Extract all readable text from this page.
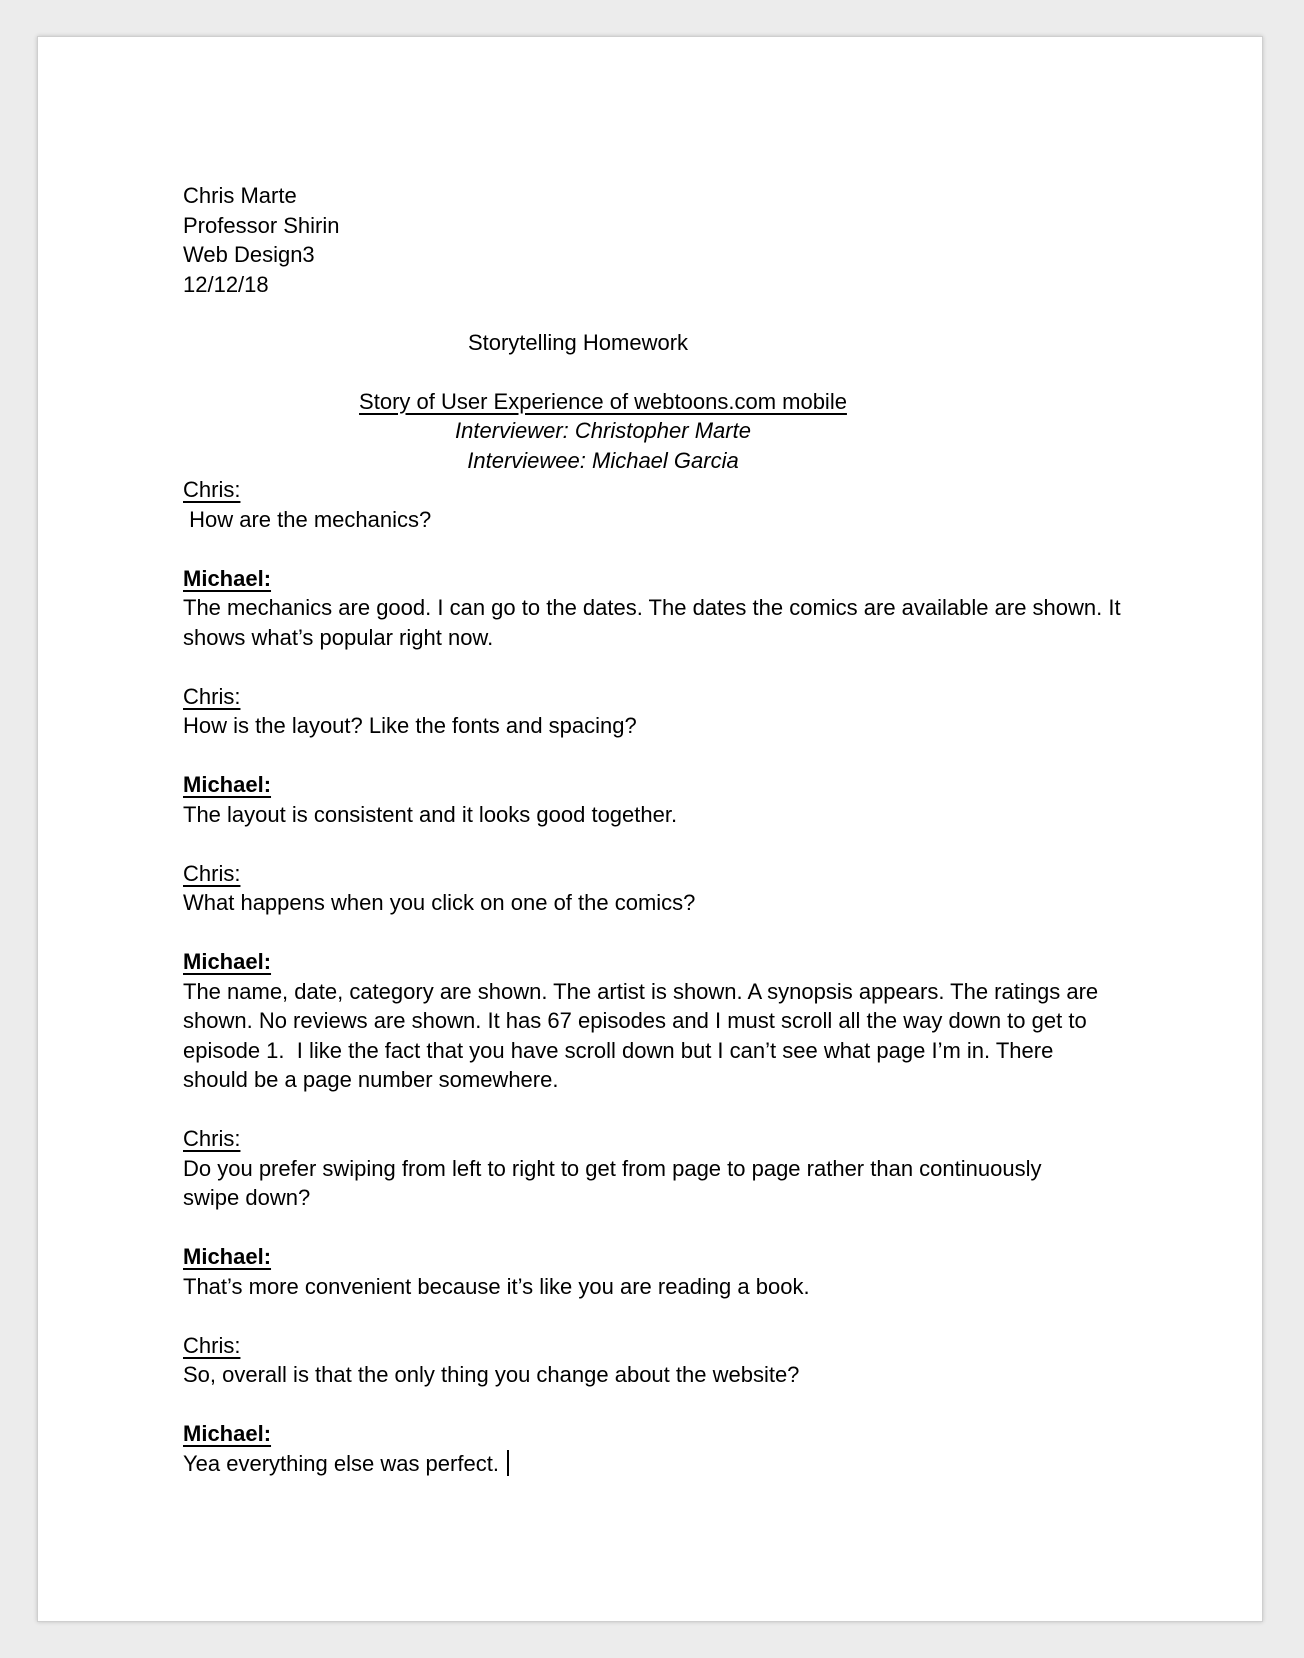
Chris Marte
Professor Shirin
Web Design3
12/12/18
Storytelling Homework
Story of User Experience of webtoons.com mobile
Interviewer: Christopher Marte
Interviewee: Michael Garcia
Chris:
How are the mechanics?
Michael:
The mechanics are good. I can go to the dates. The dates the comics are available are shown. It
shows what’s popular right now.
Chris:
How is the layout? Like the fonts and spacing?
Michael:
The layout is consistent and it looks good together.
Chris:
What happens when you click on one of the comics?
Michael:
The name, date, category are shown. The artist is shown. A synopsis appears. The ratings are
shown. No reviews are shown. It has 67 episodes and I must scroll all the way down to get to
episode 1.  I like the fact that you have scroll down but I can’t see what page I’m in. There
should be a page number somewhere.
Chris:
Do you prefer swiping from left to right to get from page to page rather than continuously
swipe down?
Michael:
That’s more convenient because it’s like you are reading a book.
Chris:
So, overall is that the only thing you change about the website?
Michael:
Yea everything else was perfect.
